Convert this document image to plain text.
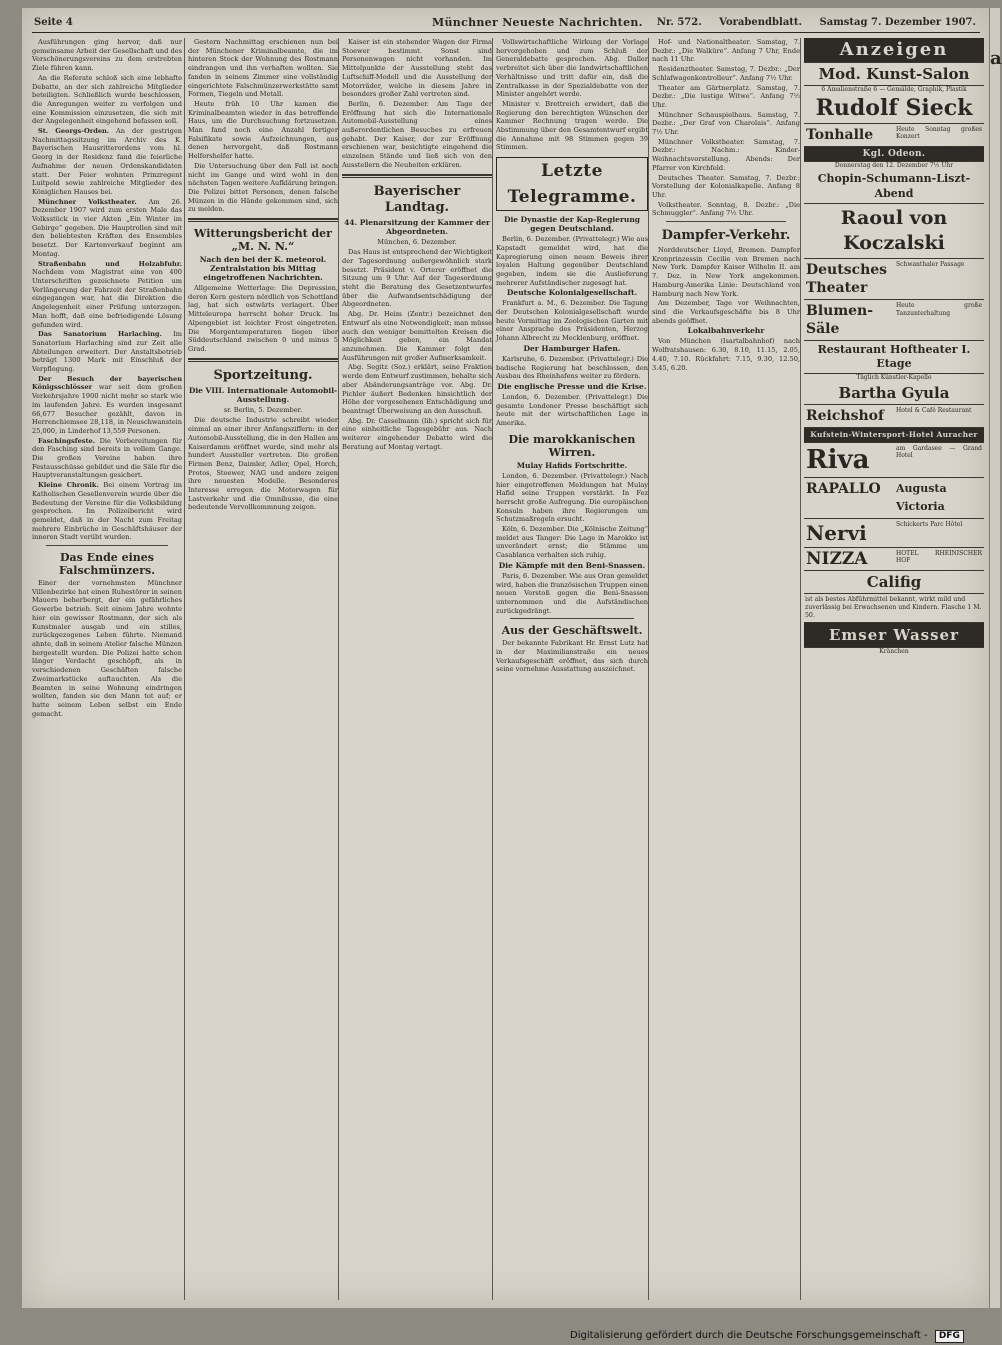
Seite 4	Münchner Neueste Nachrichten.	Nr. 572. Vorabendblatt. Samstag 7. Dezember 1907.

Ausführungen ging hervor, daß nur gemeinsame Arbeit der Gesellschaft und des Verschönerungsvereins zu dem erstrebten Ziele führen kann.

An die Referate schloß sich eine lebhafte Debatte, an der sich zahlreiche Mitglieder beteiligten. Schließlich wurde beschlossen, die Anregungen weiter zu verfolgen und eine Kommission einzusetzen, die sich mit der Angelegenheit eingehend befassen soll.

St. Georgs-Orden. An der gestrigen Nachmittagssitzung im Archiv des K. Bayerischen Hausritterordens vom hl. Georg in der Residenz fand die feierliche Aufnahme der neuen Ordenskandidaten statt. Der Feier wohnten Prinzregent Luitpold sowie zahlreiche Mitglieder des Königlichen Hauses bei.

Münchner Volkstheater. Am 26. Dezember 1907 wird zum ersten Male das Volksstück in vier Akten „Ein Winter im Gebirge“ gegeben. Die Hauptrollen sind mit den beliebtesten Kräften des Ensembles besetzt. Der Kartenverkauf beginnt am Montag.

Straßenbahn und Holzabfuhr. Nachdem vom Magistrat eine von 400 Unterschriften gezeichnete Petition um Verlängerung der Fahrzeit der Straßenbahn eingegangen war, hat die Direktion die Angelegenheit einer Prüfung unterzogen. Man hofft, daß eine befriedigende Lösung gefunden wird.

Das Sanatorium Harlaching. Im Sanatorium Harlaching sind zur Zeit alle Abteilungen erweitert. Der Anstaltsbetrieb beträgt 1300 Mark mit Einschluß der Verpflegung.

Der Besuch der bayerischen Königsschlösser war seit dem großen Verkehrsjahre 1900 nicht mehr so stark wie im laufenden Jahre. Es wurden insgesamt 66,677 Besucher gezählt, davon in Herrenchiemsee 28,118, in Neuschwanstein 25,000, in Linderhof 13,559 Personen.

Faschingsfeste. Die Vorbereitungen für den Fasching sind bereits in vollem Gange. Die großen Vereine haben ihre Festausschüsse gebildet und die Säle für die Hauptveranstaltungen gesichert.

Kleine Chronik. Bei einem Vortrag im Katholischen Gesellenverein wurde über die Bedeutung der Vereine für die Volksbildung gesprochen. Im Polizeibericht wird gemeldet, daß in der Nacht zum Freitag mehrere Einbrüche in Geschäftshäuser der inneren Stadt verübt wurden.

Das Ende eines Falschmünzers.

Einer der vornehmsten Münchner Villenbezirke hat einen Ruhestörer in seinen Mauern beherbergt, der ein gefährliches Gewerbe betrieb. Seit einem Jahre wohnte hier ein gewisser Rostmann, der sich als Kunstmaler ausgab und ein stilles, zurückgezogenes Leben führte. Niemand ahnte, daß in seinem Atelier falsche Münzen hergestellt wurden. Die Polizei hatte schon länger Verdacht geschöpft, als in verschiedenen Geschäften falsche Zweimarkstücke auftauchten. Als die Beamten in seine Wohnung eindringen wollten, fanden sie den Mann tot auf; er hatte seinem Leben selbst ein Ende gemacht.

Gestern Nachmittag erschienen nun bei der Münchener Kriminalbeamte, die im hinteren Stock der Wohnung des Rostmann eindrangen und ihn verhaften wollten. Sie fanden in seinem Zimmer eine vollständig eingerichtete Falschmünzerwerkstätte samt Formen, Tiegeln und Metall.

Heute früh 10 Uhr kamen die Kriminalbeamten wieder in das betreffende Haus, um die Durchsuchung fortzusetzen. Man fand noch eine Anzahl fertiger Falsifikate sowie Aufzeichnungen, aus denen hervorgeht, daß Rostmann Helfershelfer hatte.

Die Untersuchung über den Fall ist noch nicht im Gange und wird wohl in den nächsten Tagen weitere Aufklärung bringen. Die Polizei bittet Personen, denen falsche Münzen in die Hände gekommen sind, sich zu melden.

Witterungsbericht der „M. N. N.“
Nach den bei der K. meteorol. Zentralstation bis Mittag eingetroffenen Nachrichten.

Allgemeine Wetterlage: Die Depression, deren Kern gestern nördlich von Schottland lag, hat sich ostwärts verlagert. Über Mitteleuropa herrscht hoher Druck. Im Alpengebiet ist leichter Frost eingetreten. Die Morgentemperaturen liegen über Süddeutschland zwischen 0 und minus 5 Grad.

Sportzeitung.
Die VIII. Internationale Automobil-Ausstellung.
sr. Berlin, 5. Dezember.

Die deutsche Industrie schreibt wieder einmal an einer ihrer Anfangsziffern: in der Automobil-Ausstellung, die in den Hallen am Kaiserdamm eröffnet wurde, sind mehr als hundert Aussteller vertreten. Die großen Firmen Benz, Daimler, Adler, Opel, Horch, Protos, Stoewer, NAG und andere zeigen ihre neuesten Modelle. Besonderes Interesse erregen die Motorwagen für Lastverkehr und die Omnibusse, die eine bedeutende Vervollkommnung zeigen.

Kaiser ist ein stehender Wagen der Firma Stoewer bestimmt. Sonst sind Personenwagen nicht vorhanden. Im Mittelpunkte der Ausstellung steht das Luftschiff-Modell und die Ausstellung der Motorräder, welche in diesem Jahre in besonders großer Zahl vertreten sind.

Berlin, 6. Dezember. Am Tage der Eröffnung hat sich die Internationale Automobil-Ausstellung eines außerordentlichen Besuches zu erfreuen gehabt. Der Kaiser, der zur Eröffnung erschienen war, besichtigte eingehend die einzelnen Stände und ließ sich von den Ausstellern die Neuheiten erklären.

Bayerischer Landtag.
44. Plenarsitzung der Kammer der Abgeordneten.
München, 6. Dezember.

Das Haus ist entsprechend der Wichtigkeit der Tagesordnung außergewöhnlich stark besetzt. Präsident v. Orterer eröffnet die Sitzung um 9 Uhr. Auf der Tagesordnung steht die Beratung des Gesetzentwurfes über die Aufwandsentschädigung der Abgeordneten.

Abg. Dr. Heim (Zentr.) bezeichnet den Entwurf als eine Notwendigkeit; man müsse auch den weniger bemittelten Kreisen die Möglichkeit geben, ein Mandat anzunehmen. Die Kammer folgt den Ausführungen mit großer Aufmerksamkeit.

Abg. Segitz (Soz.) erklärt, seine Fraktion werde dem Entwurf zustimmen, behalte sich aber Abänderungsanträge vor. Abg. Dr. Pichler äußert Bedenken hinsichtlich der Höhe der vorgesehenen Entschädigung und beantragt Überweisung an den Ausschuß.

Abg. Dr. Casselmann (lib.) spricht sich für eine einheitliche Tagesgebühr aus. Nach weiterer eingehender Debatte wird die Beratung auf Montag vertagt.

Vollswirtschaftliche Wirkung der Vorlage hervorgehoben und zum Schluß der Generaldebatte gesprochen. Abg. Daller verbreitet sich über die landwirtschaftlichen Verhältnisse und tritt dafür ein, daß die Zentralkasse in der Spezialdebatte von der Minister angehört werde.

Minister v. Brettreich erwidert, daß die Regierung den berechtigten Wünschen der Kammer Rechnung tragen werde. Die Abstimmung über den Gesamtentwurf ergibt die Annahme mit 98 Stimmen gegen 39 Stimmen.

Letzte Telegramme.
Die Dynastie der Kap-Regierung gegen Deutschland.

Berlin, 6. Dezember. (Privattelegr.) Wie aus Kapstadt gemeldet wird, hat die Kapregierung einen neuen Beweis ihrer loyalen Haltung gegenüber Deutschland gegeben, indem sie die Auslieferung mehrerer Aufständischer zugesagt hat.

Deutsche Kolonialgesellschaft.

Frankfurt a. M., 6. Dezember. Die Tagung der Deutschen Kolonialgesellschaft wurde heute Vormittag im Zoologischen Garten mit einer Ansprache des Präsidenten, Herzog Johann Albrecht zu Mecklenburg, eröffnet.

Der Hamburger Hafen.

Karlsruhe, 6. Dezember. (Privattelegr.) Die badische Regierung hat beschlossen, den Ausbau des Rheinhafens weiter zu fördern.

Die englische Presse und die Krise.

London, 6. Dezember. (Privattelegr.) Die gesamte Londoner Presse beschäftigt sich heute mit der wirtschaftlichen Lage in Amerika.

Die marokkanischen Wirren.
Mulay Hafids Fortschritte.

London, 6. Dezember. (Privattelegr.) Nach hier eingetroffenen Meldungen hat Mulay Hafid seine Truppen verstärkt. In Fez herrscht große Aufregung. Die europäischen Konsuln haben ihre Regierungen um Schutzmaßregeln ersucht.

Köln, 6. Dezember. Die „Kölnische Zeitung“ meldet aus Tanger: Die Lage in Marokko ist unverändert ernst; die Stämme um Casablanca verhalten sich ruhig.

Die Kämpfe mit den Beni-Snassen.

Paris, 6. Dezember. Wie aus Oran gemeldet wird, haben die französischen Truppen einen neuen Vorstoß gegen die Beni-Snassen unternommen und die Aufständischen zurückgedrängt.

Aus der Geschäftswelt.

Der bekannte Fabrikant Hr. Ernst Lutz hat in der Maximilianstraße ein neues Verkaufsgeschäft eröffnet, das sich durch seine vornehme Ausstattung auszeichnet.

Hof- und Nationaltheater. Samstag, 7. Dezbr.: „Die Walküre“. Anfang 7 Uhr, Ende nach 11 Uhr.

Residenztheater. Samstag, 7. Dezbr.: „Der Schlafwagenkontrolleur“. Anfang 7½ Uhr.

Theater am Gärtnerplatz. Samstag, 7. Dezbr.: „Die lustige Witwe“. Anfang 7½ Uhr.

Münchner Schauspielhaus. Samstag, 7. Dezbr.: „Der Graf von Charolais“. Anfang 7½ Uhr.

Münchner Volkstheater. Samstag, 7. Dezbr.: Nachm.: Kinder-Weihnachtsvorstellung. Abends: Der Pfarrer von Kirchfeld.

Deutsches Theater. Samstag, 7. Dezbr.: Vorstellung der Kolonialkapelle. Anfang 8 Uhr.

Volkstheater. Sonntag, 8. Dezbr.: „Die Schmuggler“. Anfang 7½ Uhr.

Dampfer-Verkehr.

Norddeutscher Lloyd, Bremen. Dampfer Kronprinzessin Cecilie von Bremen nach New York. Dampfer Kaiser Wilhelm II. am 7. Dez. in New York angekommen. Hamburg-Amerika Linie: Deutschland von Hamburg nach New York.

Am Dezember, Tage vor Weihnachten, sind die Verkaufsgeschäfte bis 8 Uhr abends geöffnet.

Lokalbahnverkehr

Von München (Isartalbahnhof) nach Wolfratshausen: 6.30, 8.10, 11.15, 2.05, 4.40, 7.10. Rückfahrt: 7.15, 9.30, 12.50, 3.45, 6.20.

Anzeigen
Mod. Kunst-Salon
6 Amalienstraße 6 — Gemälde, Graphik, Plastik
Rudolf Sieck
Tonhalle	Heute Sonntag großes Konzert
Kgl. Odeon.
Donnerstag den 12. Dezember 7½ Uhr
Chopin-Schumann-Liszt-Abend
Raoul von Koczalski
Deutsches Theater
Schwanthaler Passage
Blumen-Säle
Heute große Tanzunterhaltung
Restaurant Hoftheater I. Etage
Täglich Künstler-Kapelle
Bartha Gyula
Reichshof	Hotel & Café Restaurant
Kufstein-Wintersport-Hotel Auracher
Riva	am Gardasee — Grand Hotel
RAPALLO	Augusta Victoria
Nervi	Schickerts Parc Hôtel
NIZZA	HOTEL RHEINISCHER HOF
Califig
ist als bestes Abführmittel bekannt, wirkt mild und zuverlässig bei Erwachsenen und Kindern. Flasche 1 M. 50.
Emser Wasser
Kränchen
a
Digitalisierung gefördert durch die Deutsche Forschungsgemeinschaft - DFG
